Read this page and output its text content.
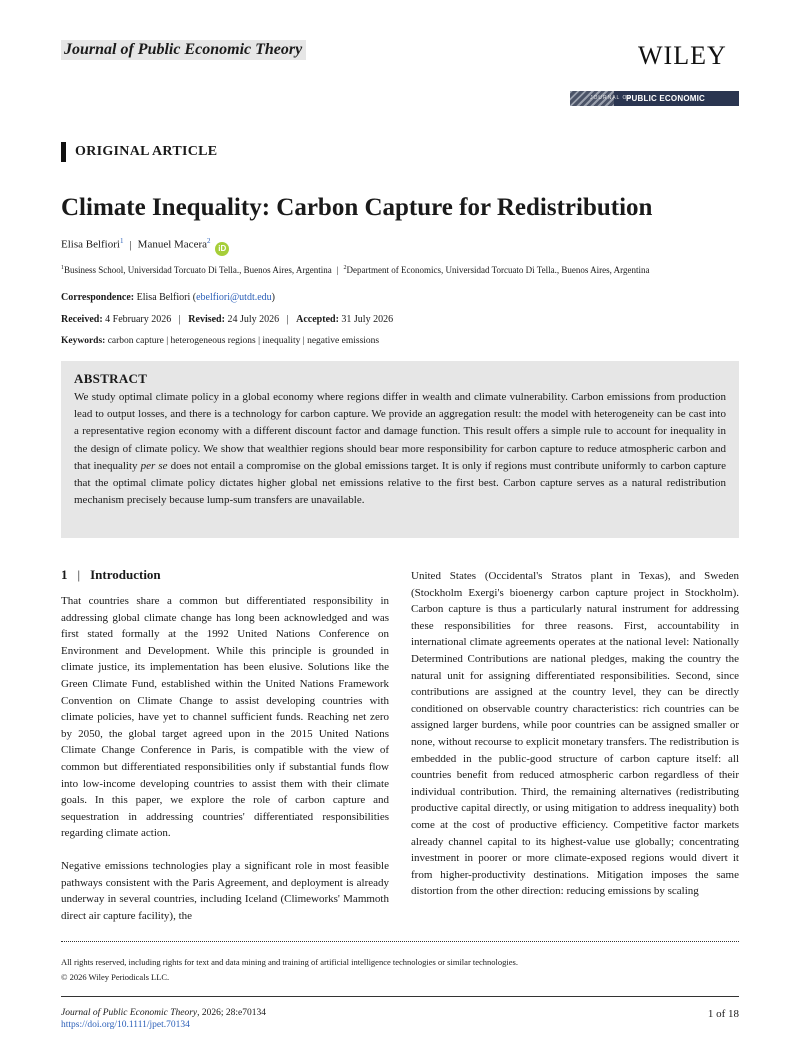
Journal of Public Economic Theory	WILEY
JOURNAL OF
PUBLIC ECONOMIC THEORY
ORIGINAL ARTICLE
Climate Inequality: Carbon Capture for Redistribution
Elisa Belfiori$^1$ | Manuel Macera$^2$ iD
$^1$Business School, Universidad Torcuato Di Tella., Buenos Aires, Argentina | $^2$Department of Economics, Universidad Torcuato Di Tella., Buenos Aires, Argentina
Correspondence: Elisa Belfiori (ebelfiori@utdt.edu)
Received: 4 February 2026 | Revised: 24 July 2026 | Accepted: 31 July 2026
Keywords: carbon capture | heterogeneous regions | inequality | negative emissions
ABSTRACT

We study optimal climate policy in a global economy where regions differ in wealth and climate vulnerability. Carbon emissions from production lead to output losses, and there is a technology for carbon capture. We provide an aggregation result: the model with heterogeneity can be cast into a representative region economy with a different discount factor and damage function. This result offers a simple rule to account for inequality in the design of climate policy. We show that wealthier regions should bear more responsibility for carbon capture to reduce atmospheric carbon and that inequality per se does not entail a compromise on the global emissions target. It is only if regions must contribute uniformly to carbon capture that the optimal climate policy dictates higher global net emissions relative to the first best. Carbon capture serves as a natural redistribution mechanism precisely because lump-sum transfers are unavailable.

1 | Introduction

That countries share a common but differentiated responsibility in addressing global climate change has long been acknowledged and was first stated formally at the 1992 United Nations Conference on Environment and Development. While this principle is grounded in climate justice, its implementation has been elusive. Solutions like the Green Climate Fund, established within the United Nations Framework Convention on Climate Change to assist developing countries with climate policies, have yet to channel sufficient funds. Reaching net zero by 2050, the global target agreed upon in the 2015 United Nations Climate Change Conference in Paris, is compatible with the view of common but differentiated responsibilities only if substantial funds flow into low-income developing countries to assist them with their climate goals. In this paper, we explore the role of carbon capture and sequestration in addressing countries' differentiated responsibilities regarding climate action.

Negative emissions technologies play a significant role in most feasible pathways consistent with the Paris Agreement, and deployment is already underway in several countries, including Iceland (Climeworks' Mammoth direct air capture facility), the

United States (Occidental's Stratos plant in Texas), and Sweden (Stockholm Exergi's bioenergy carbon capture project in Stockholm). Carbon capture is thus a particularly natural instrument for addressing these responsibilities for three reasons. First, accountability in international climate agreements operates at the national level: Nationally Determined Contributions are national pledges, making the country the natural unit for assigning differentiated responsibilities. Second, since contributions are assigned at the country level, they can be directly conditioned on observable country characteristics: rich countries can be assigned larger burdens, while poor countries can be assigned smaller or none, without recourse to explicit monetary transfers. The redistribution is embedded in the public-good structure of carbon capture itself: all countries benefit from reduced atmospheric carbon regardless of their individual contribution. Third, the remaining alternatives (redistributing productive capital directly, or using mitigation to address inequality) both come at the cost of productive efficiency. Competitive factor markets already channel capital to its highest-value use globally; concentrating investment in poorer or more climate-exposed regions would divert it from higher-productivity destinations. Mitigation imposes the same distortion from the other direction: reducing emissions by scaling

All rights reserved, including rights for text and data mining and training of artificial intelligence technologies or similar technologies.
© 2026 Wiley Periodicals LLC.
Journal of Public Economic Theory, 2026; 28:e70134
https://doi.org/10.1111/jpet.70134
1 of 18
